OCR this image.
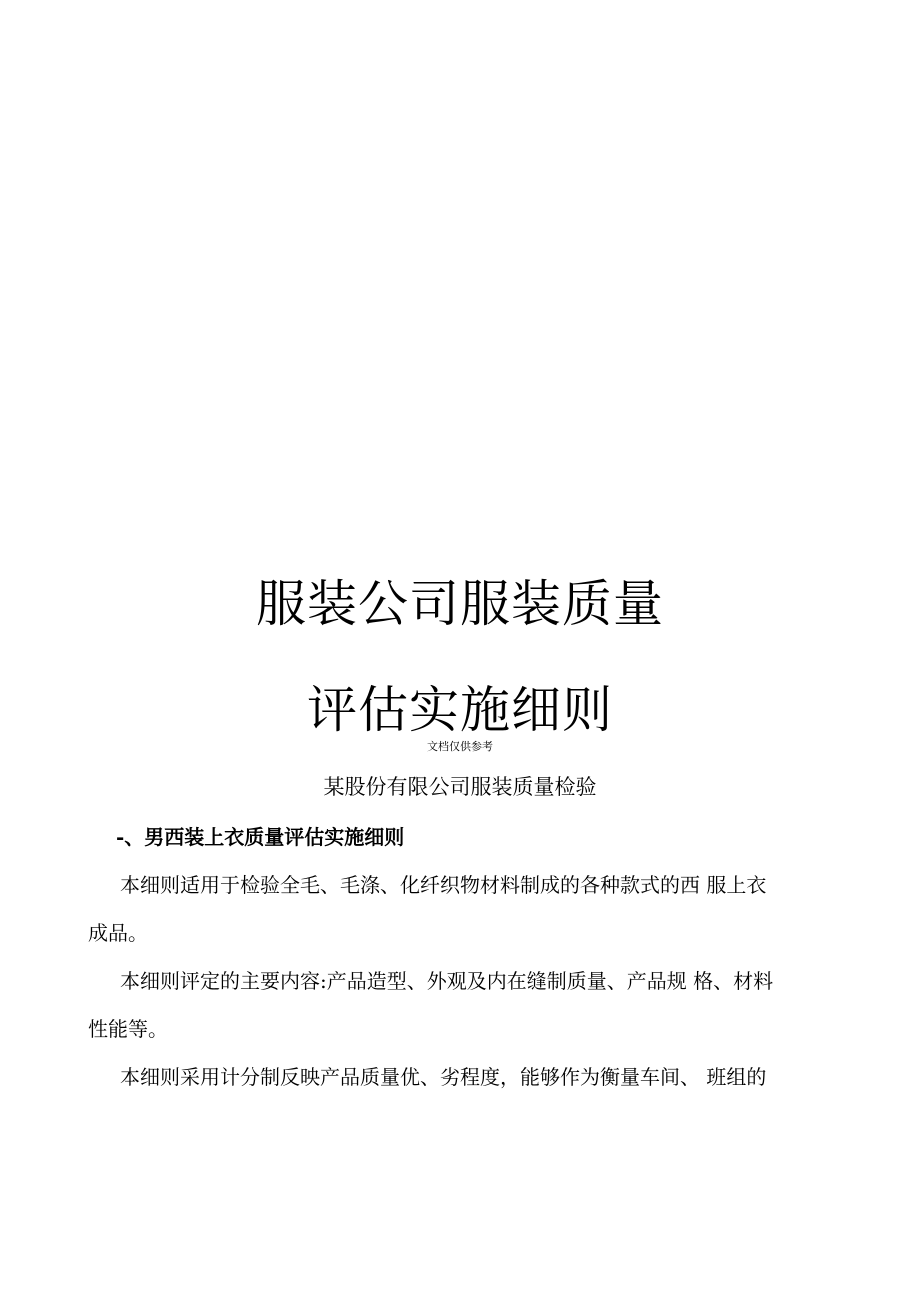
服装公司服装质量
评估实施细则
文档仅供参考
某股份有限公司服装质量检验
-、男西装上衣质量评估实施细则
本细则适用于检验全毛、毛涤、化纤织物材料制成的各种款式的西 服上衣
成品。
本细则评定的主要内容:产品造型、外观及内在缝制质量、产品规 格、材料
性能等。
本细则采用计分制反映产品质量优、劣程度，能够作为衡量车间、 班组的
